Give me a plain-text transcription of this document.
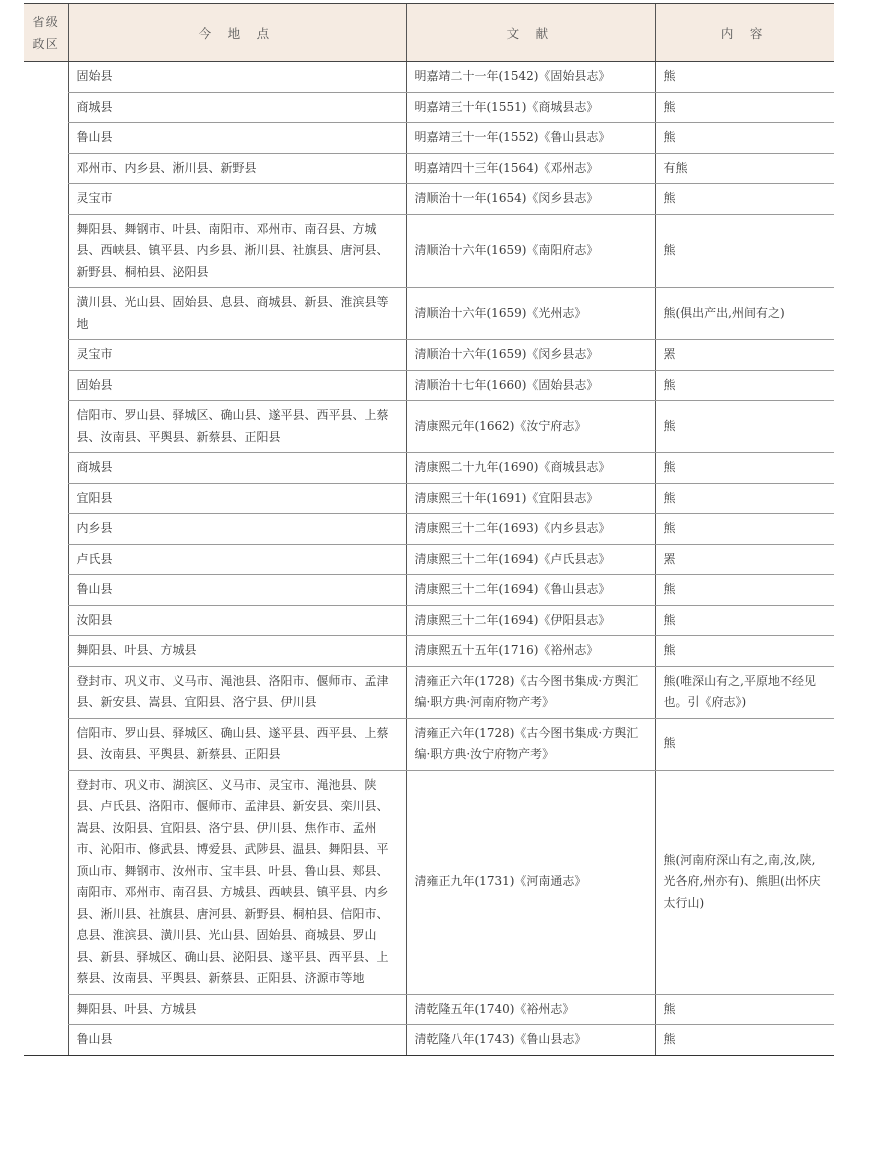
省级
政区	今 地 点	文 献	内 容
	固始县	明嘉靖二十一年(1542)《固始县志》	熊
	商城县	明嘉靖三十年(1551)《商城县志》	熊
	鲁山县	明嘉靖三十一年(1552)《鲁山县志》	熊
	邓州市、内乡县、淅川县、新野县	明嘉靖四十三年(1564)《邓州志》	有熊
	灵宝市	清顺治十一年(1654)《闵乡县志》	熊
	舞阳县、舞钢市、叶县、南阳市、邓州市、南召县、方城县、西峡县、镇平县、内乡县、淅川县、社旗县、唐河县、新野县、桐柏县、泌阳县	清顺治十六年(1659)《南阳府志》	熊
	潢川县、光山县、固始县、息县、商城县、新县、淮滨县等地	清顺治十六年(1659)《光州志》	熊(俱出产出,州间有之)
	灵宝市	清顺治十六年(1659)《闵乡县志》	罴
	固始县	清顺治十七年(1660)《固始县志》	熊
	信阳市、罗山县、驿城区、确山县、遂平县、西平县、上蔡县、汝南县、平舆县、新蔡县、正阳县	清康熙元年(1662)《汝宁府志》	熊
	商城县	清康熙二十九年(1690)《商城县志》	熊
	宜阳县	清康熙三十年(1691)《宜阳县志》	熊
	内乡县	清康熙三十二年(1693)《内乡县志》	熊
	卢氏县	清康熙三十二年(1694)《卢氏县志》	罴
	鲁山县	清康熙三十二年(1694)《鲁山县志》	熊
	汝阳县	清康熙三十二年(1694)《伊阳县志》	熊
	舞阳县、叶县、方城县	清康熙五十五年(1716)《裕州志》	熊
	登封市、巩义市、义马市、渑池县、洛阳市、偃师市、孟津县、新安县、嵩县、宜阳县、洛宁县、伊川县	清雍正六年(1728)《古今图书集成·方舆汇编·职方典·河南府物产考》	熊(唯深山有之,平原地不经见也。引《府志》)
	信阳市、罗山县、驿城区、确山县、遂平县、西平县、上蔡县、汝南县、平舆县、新蔡县、正阳县	清雍正六年(1728)《古今图书集成·方舆汇编·职方典·汝宁府物产考》	熊
	登封市、巩义市、湖滨区、义马市、灵宝市、渑池县、陕县、卢氏县、洛阳市、偃师市、孟津县、新安县、栾川县、嵩县、汝阳县、宜阳县、洛宁县、伊川县、焦作市、孟州市、沁阳市、修武县、博爱县、武陟县、温县、舞阳县、平顶山市、舞钢市、汝州市、宝丰县、叶县、鲁山县、郏县、南阳市、邓州市、南召县、方城县、西峡县、镇平县、内乡县、淅川县、社旗县、唐河县、新野县、桐柏县、信阳市、息县、淮滨县、潢川县、光山县、固始县、商城县、罗山县、新县、驿城区、确山县、泌阳县、遂平县、西平县、上蔡县、汝南县、平舆县、新蔡县、正阳县、济源市等地	清雍正九年(1731)《河南通志》	熊(河南府深山有之,南,汝,陕,光各府,州亦有)、熊胆(出怀庆太行山)
	舞阳县、叶县、方城县	清乾隆五年(1740)《裕州志》	熊
	鲁山县	清乾隆八年(1743)《鲁山县志》	熊
